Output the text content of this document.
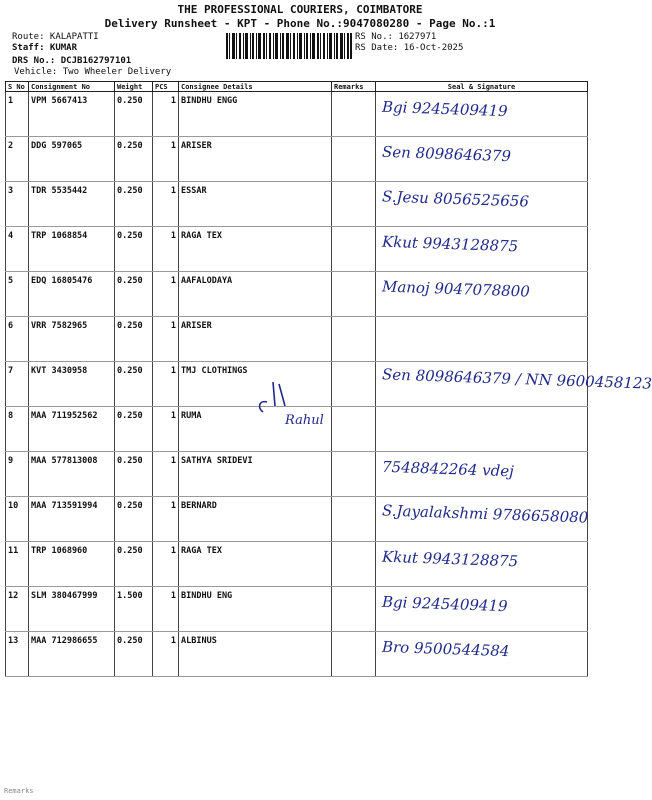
THE PROFESSIONAL COURIERS, COIMBATORE
Delivery Runsheet - KPT - Phone No.:9047080280 - Page No.:1
Route: KALAPATTI
Staff: KUMAR
DRS No.: DCJB162797101
Vehicle: Two Wheeler Delivery
RS No.: 1627971
RS Date: 16-Oct-2025
S No	Consignment No	Weight	PCS	Consignee Details	Remarks	Seal & Signature
1	VPM 5667413	0.250	1	BINDHU ENGG		Bgi 9245409419

2	DDG 597065	0.250	1	ARISER		Sen 8098646379

3	TDR 5535442	0.250	1	ESSAR		S.Jesu 8056525656

4	TRP 1068854	0.250	1	RAGA TEX		Kkut 9943128875

5	EDQ 16805476	0.250	1	AAFALODAYA		Manoj 9047078800

6	VRR 7582965	0.250	1	ARISER		

7	KVT 3430958	0.250	1	TMJ CLOTHINGS		Sen 8098646379 / NN 9600458123

8	MAA 711952562	0.250	1	RUMA		

9	MAA 577813008	0.250	1	SATHYA SRIDEVI		7548842264 vdej

10	MAA 713591994	0.250	1	BERNARD		S.Jayalakshmi 9786658080

11	TRP 1068960	0.250	1	RAGA TEX		Kkut 9943128875

12	SLM 380467999	1.500	1	BINDHU ENG		Bgi 9245409419

13	MAA 712986655	0.250	1	ALBINUS		Bro 9500544584
Rahul
Remarks
